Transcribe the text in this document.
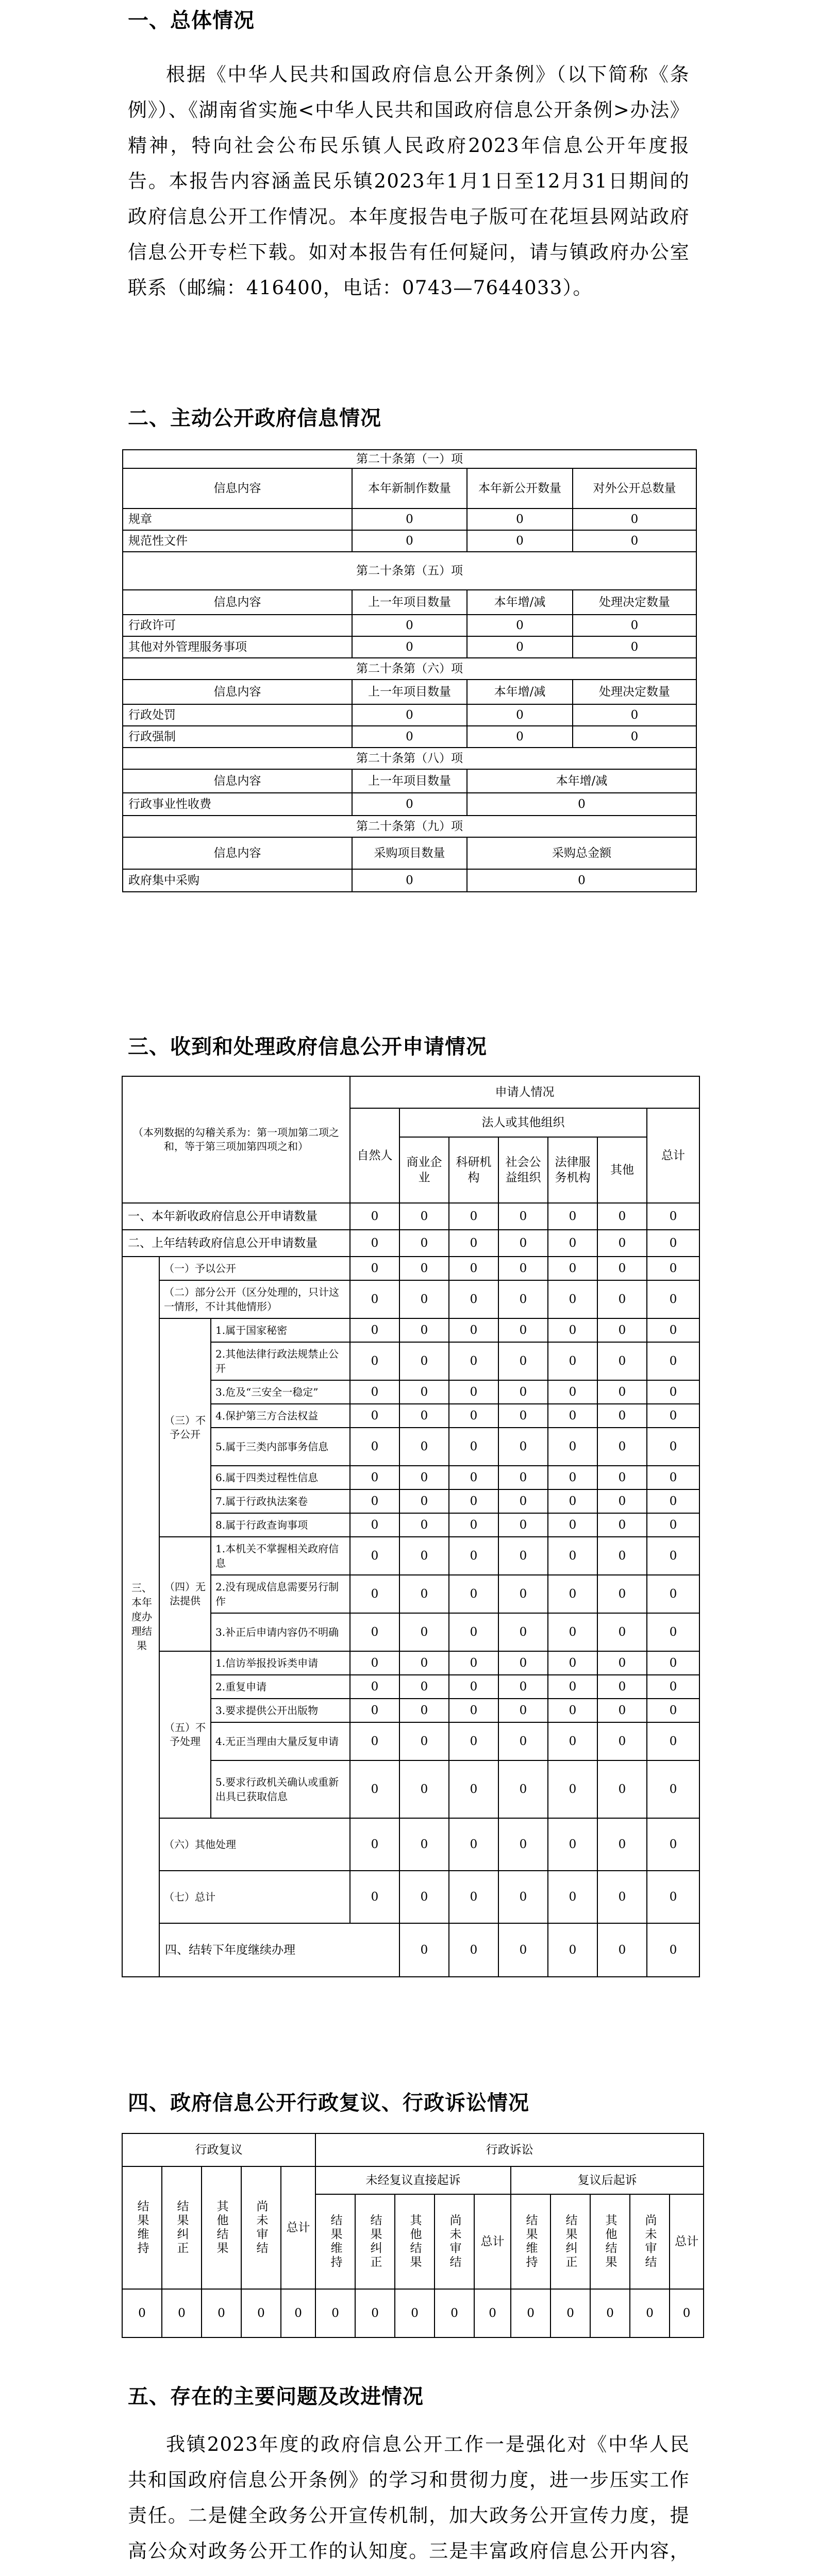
一、总体情况

根据《中华人民共和国政府信息公开条例》（以下简称《条例》）、《湖南省实施<中华人民共和国政府信息公开条例>办法》精神，特向社会公布民乐镇人民政府2023年信息公开年度报告。本报告内容涵盖民乐镇2023年1月1日至12月31日期间的政府信息公开工作情况。本年度报告电子版可在花垣县网站政府信息公开专栏下载。如对本报告有任何疑问，请与镇政府办公室联系（邮编：416400，电话：0743—7644033）。

二、主动公开政府信息情况
第二十条第（一）项			
信息内容	本年新制作数量	本年新公开数量	对外公开总数量
规章	0	0	0
规范性文件	0	0	0
第二十条第（五）项			
信息内容	上一年项目数量	本年增/减	处理决定数量
行政许可	0	0	0
其他对外管理服务事项	0	0	0
第二十条第（六）项			
信息内容	上一年项目数量	本年增/减	处理决定数量
行政处罚	0	0	0
行政强制	0	0	0
第二十条第（八）项			
信息内容	上一年项目数量	本年增/减	
行政事业性收费	0	0	
第二十条第（九）项			
信息内容	采购项目数量	采购总金额	
政府集中采购	0	0	
三、收到和处理政府信息公开申请情况
（本列数据的勾稽关系为：第一项加第二项之和，等于第三项加第四项之和）			申请人情况							
			自然人	法人或其他组织					总计	
				商业企业	科研机构	社会公益组织	法律服务机构	其他		
一、本年新收政府信息公开申请数量			0	0	0	0	0	0	0	
二、上年结转政府信息公开申请数量			0	0	0	0	0	0	0	
三、本年度办理结果	（一）予以公开		0	0	0	0	0	0	0	
	（二）部分公开（区分处理的，只计这一情形，不计其他情形）		0	0	0	0	0	0	0	
	（三）不予公开	1.属于国家秘密	0	0	0	0	0	0	0	
		2.其他法律行政法规禁止公开	0	0	0	0	0	0	0	
		3.危及“三安全一稳定”	0	0	0	0	0	0	0	
		4.保护第三方合法权益	0	0	0	0	0	0	0	
		5.属于三类内部事务信息	0	0	0	0	0	0	0	
		6.属于四类过程性信息	0	0	0	0	0	0	0	
		7.属于行政执法案卷	0	0	0	0	0	0	0	
		8.属于行政查询事项	0	0	0	0	0	0	0	
	（四）无法提供	1.本机关不掌握相关政府信息	0	0	0	0	0	0	0	
		2.没有现成信息需要另行制作	0	0	0	0	0	0	0	
		3.补正后申请内容仍不明确	0	0	0	0	0	0	0	
	（五）不予处理	1.信访举报投诉类申请	0	0	0	0	0	0	0	
		2.重复申请	0	0	0	0	0	0	0	
		3.要求提供公开出版物	0	0	0	0	0	0	0	
		4.无正当理由大量反复申请	0	0	0	0	0	0	0	
		5.要求行政机关确认或重新出具已获取信息	0	0	0	0	0	0	0	
	（六）其他处理		0	0	0	0	0	0	0	
	（七）总计		0	0	0	0	0	0	0	
	四、结转下年度继续办理			0	0	0	0	0	0	
四、政府信息公开行政复议、行政诉讼情况
行政复议					行政诉讼									
结果维持	结果纠正	其他结果	尚未审结	总计	未经复议直接起诉					复议后起诉				
					结果维持	结果纠正	其他结果	尚未审结	总计	结果维持	结果纠正	其他结果	尚未审结	总计
0	0	0	0	0	0	0	0	0	0	0	0	0	0	0
五、存在的主要问题及改进情况

我镇2023年度的政府信息公开工作一是强化对《中华人民共和国政府信息公开条例》的学习和贯彻力度，进一步压实工作责任。二是健全政务公开宣传机制，加大政务公开宣传力度，提高公众对政务公开工作的认知度。三是丰富政府信息公开内容，
